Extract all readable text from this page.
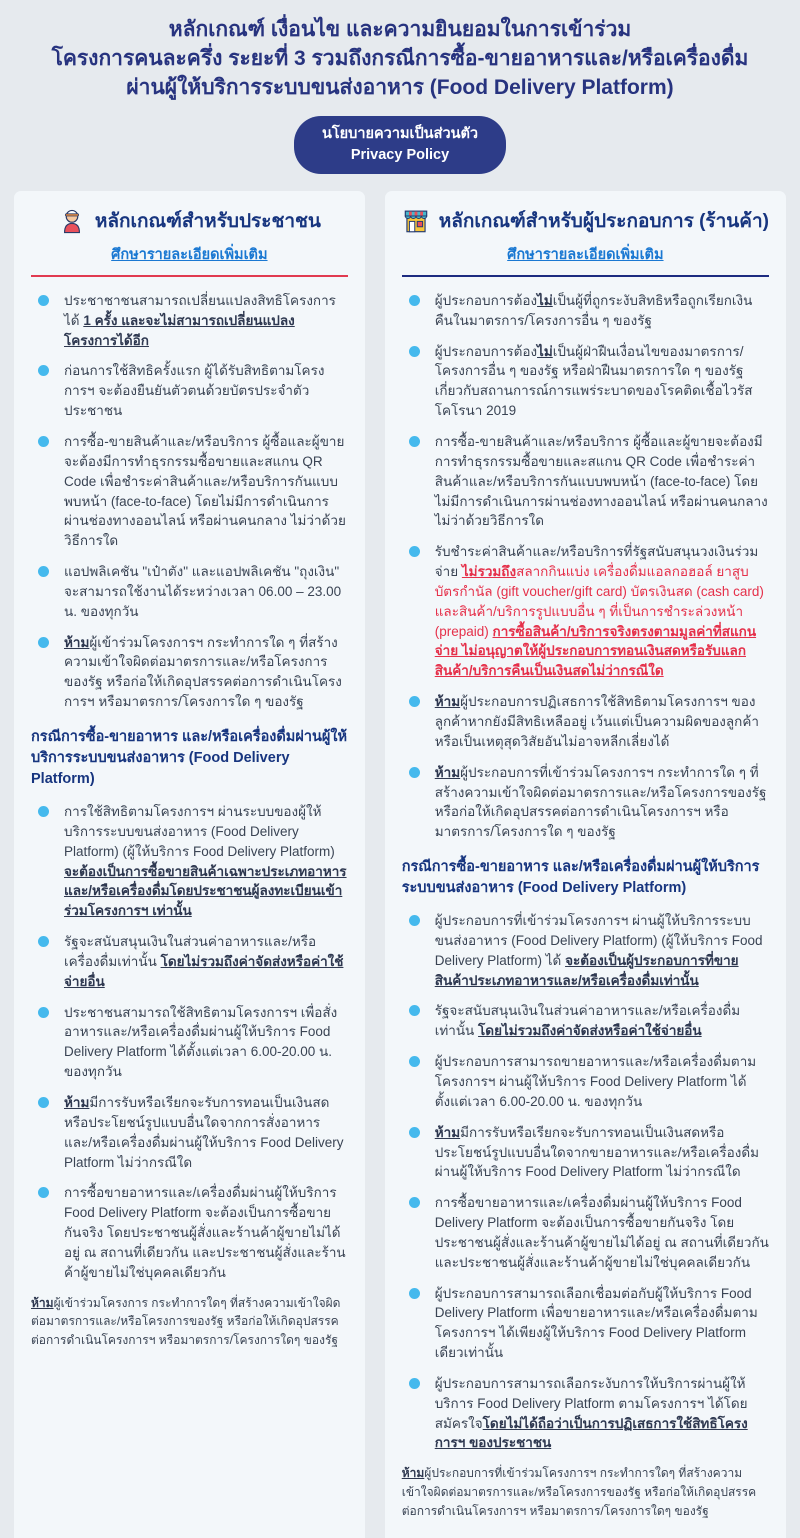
หลักเกณฑ์ เงื่อนไข และความยินยอมในการเข้าร่วม
โครงการคนละครึ่ง ระยะที่ 3 รวมถึงกรณีการซื้อ-ขายอาหารและ/หรือเครื่องดื่ม
ผ่านผู้ให้บริการระบบขนส่งอาหาร (Food Delivery Platform)
นโยบายความเป็นส่วนตัว
Privacy Policy
หลักเกณฑ์สำหรับประชาชน
ศึกษารายละเอียดเพิ่มเติม
ประชาชาชนสามารถเปลี่ยนแปลงสิทธิโครงการได้ 1 ครั้ง และจะไม่สามารถเปลี่ยนแปลงโครงการได้อีก
ก่อนการใช้สิทธิครั้งแรก ผู้ได้รับสิทธิตามโครงการฯ จะต้องยืนยันตัวตนด้วยบัตรประจำตัวประชาชน
การซื้อ-ขายสินค้าและ/หรือบริการ ผู้ซื้อและผู้ขายจะต้องมีการทำธุรกรรมซื้อขายและสแกน QR Code เพื่อชำระค่าสินค้าและ/หรือบริการกันแบบพบหน้า (face-to-face) โดยไม่มีการดำเนินการผ่านช่องทางออนไลน์ หรือผ่านคนกลาง ไม่ว่าด้วยวิธีการใด
แอปพลิเคชัน "เป๋าตัง" และแอปพลิเคชัน "ถุงเงิน" จะสามารถใช้งานได้ระหว่างเวลา 06.00 – 23.00 น. ของทุกวัน
ห้ามผู้เข้าร่วมโครงการฯ กระทำการใด ๆ ที่สร้างความเข้าใจผิดต่อมาตรการและ/หรือโครงการของรัฐ หรือก่อให้เกิดอุปสรรคต่อการดำเนินโครงการฯ หรือมาตรการ/โครงการใด ๆ ของรัฐ
กรณีการซื้อ-ขายอาหาร และ/หรือเครื่องดื่มผ่านผู้ให้บริการระบบขนส่งอาหาร (Food Delivery Platform)
การใช้สิทธิตามโครงการฯ ผ่านระบบของผู้ให้บริการระบบขนส่งอาหาร (Food Delivery Platform) (ผู้ให้บริการ Food Delivery Platform) จะต้องเป็นการซื้อขายสินค้าเฉพาะประเภทอาหารและ/หรือเครื่องดื่มโดยประชาชนผู้ลงทะเบียนเข้าร่วมโครงการฯ เท่านั้น
รัฐจะสนับสนุนเงินในส่วนค่าอาหารและ/หรือเครื่องดื่มเท่านั้น โดยไม่รวมถึงค่าจัดส่งหรือค่าใช้จ่ายอื่น
ประชาชนสามารถใช้สิทธิตามโครงการฯ เพื่อสั่งอาหารและ/หรือเครื่องดื่มผ่านผู้ให้บริการ Food Delivery Platform ได้ตั้งแต่เวลา 6.00-20.00 น. ของทุกวัน
ห้ามมีการรับหรือเรียกจะรับการทอนเป็นเงินสดหรือประโยชน์รูปแบบอื่นใดจากการสั่งอาหารและ/หรือเครื่องดื่มผ่านผู้ให้บริการ Food Delivery Platform ไม่ว่ากรณีใด
การซื้อขายอาหารและ/เครื่องดื่มผ่านผู้ให้บริการ Food Delivery Platform จะต้องเป็นการซื้อขายกันจริง โดยประชาชนผู้สั่งและร้านค้าผู้ขายไม่ได้อยู่ ณ สถานที่เดียวกัน และประชาชนผู้สั่งและร้านค้าผู้ขายไม่ใช่บุคคลเดียวกัน
ห้ามผู้เข้าร่วมโครงการ กระทำการใดๆ ที่สร้างความเข้าใจผิดต่อมาตรการและ/หรือโครงการของรัฐ หรือก่อให้เกิดอุปสรรคต่อการดำเนินโครงการฯ หรือมาตรการ/โครงการใดๆ ของรัฐ
หลักเกณฑ์สำหรับผู้ประกอบการ (ร้านค้า)
ศึกษารายละเอียดเพิ่มเติม
ผู้ประกอบการต้องไม่เป็นผู้ที่ถูกระงับสิทธิหรือถูกเรียกเงินคืนในมาตรการ/โครงการอื่น ๆ ของรัฐ
ผู้ประกอบการต้องไม่เป็นผู้ฝ่าฝืนเงื่อนไขของมาตรการ/โครงการอื่น ๆ ของรัฐ หรือฝ่าฝืนมาตรการใด ๆ ของรัฐเกี่ยวกับสถานการณ์การแพร่ระบาดของโรคติดเชื้อไวรัสโคโรนา 2019
การซื้อ-ขายสินค้าและ/หรือบริการ ผู้ซื้อและผู้ขายจะต้องมีการทำธุรกรรมซื้อขายและสแกน QR Code เพื่อชำระค่าสินค้าและ/หรือบริการกันแบบพบหน้า (face-to-face) โดยไม่มีการดำเนินการผ่านช่องทางออนไลน์ หรือผ่านคนกลาง ไม่ว่าด้วยวิธีการใด
รับชำระค่าสินค้าและ/หรือบริการที่รัฐสนับสนุนวงเงินร่วมจ่าย ไม่รวมถึงสลากกินแบ่ง เครื่องดื่มแอลกอฮอล์ ยาสูบ บัตรกำนัล (gift voucher/gift card) บัตรเงินสด (cash card) และสินค้า/บริการรูปแบบอื่น ๆ ที่เป็นการชำระล่วงหน้า (prepaid) การซื้อสินค้า/บริการจริงตรงตามมูลค่าที่สแกนจ่าย ไม่อนุญาตให้ผู้ประกอบการทอนเงินสดหรือรับแลกสินค้า/บริการคืนเป็นเงินสดไม่ว่ากรณีใด
ห้ามผู้ประกอบการปฏิเสธการใช้สิทธิตามโครงการฯ ของลูกค้าหากยังมีสิทธิเหลืออยู่ เว้นแต่เป็นความผิดของลูกค้าหรือเป็นเหตุสุดวิสัยอันไม่อาจหลีกเลี่ยงได้
ห้ามผู้ประกอบการที่เข้าร่วมโครงการฯ กระทำการใด ๆ ที่สร้างความเข้าใจผิดต่อมาตรการและ/หรือโครงการของรัฐ หรือก่อให้เกิดอุปสรรคต่อการดำเนินโครงการฯ หรือมาตรการ/โครงการใด ๆ ของรัฐ
กรณีการซื้อ-ขายอาหาร และ/หรือเครื่องดื่มผ่านผู้ให้บริการระบบขนส่งอาหาร (Food Delivery Platform)
ผู้ประกอบการที่เข้าร่วมโครงการฯ ผ่านผู้ให้บริการระบบขนส่งอาหาร (Food Delivery Platform) (ผู้ให้บริการ Food Delivery Platform) ได้ จะต้องเป็นผู้ประกอบการที่ขายสินค้าประเภทอาหารและ/หรือเครื่องดื่มเท่านั้น
รัฐจะสนับสนุนเงินในส่วนค่าอาหารและ/หรือเครื่องดื่มเท่านั้น โดยไม่รวมถึงค่าจัดส่งหรือค่าใช้จ่ายอื่น
ผู้ประกอบการสามารถขายอาหารและ/หรือเครื่องดื่มตามโครงการฯ ผ่านผู้ให้บริการ Food Delivery Platform ได้ตั้งแต่เวลา 6.00-20.00 น. ของทุกวัน
ห้ามมีการรับหรือเรียกจะรับการทอนเป็นเงินสดหรือประโยชน์รูปแบบอื่นใดจากขายอาหารและ/หรือเครื่องดื่มผ่านผู้ให้บริการ Food Delivery Platform ไม่ว่ากรณีใด
การซื้อขายอาหารและ/เครื่องดื่มผ่านผู้ให้บริการ Food Delivery Platform จะต้องเป็นการซื้อขายกันจริง โดยประชาชนผู้สั่งและร้านค้าผู้ขายไม่ได้อยู่ ณ สถานที่เดียวกัน และประชาชนผู้สั่งและร้านค้าผู้ขายไม่ใช่บุคคลเดียวกัน
ผู้ประกอบการสามารถเลือกเชื่อมต่อกับผู้ให้บริการ Food Delivery Platform เพื่อขายอาหารและ/หรือเครื่องดื่มตามโครงการฯ ได้เพียงผู้ให้บริการ Food Delivery Platform เดียวเท่านั้น
ผู้ประกอบการสามารถเลือกระงับการให้บริการผ่านผู้ให้บริการ Food Delivery Platform ตามโครงการฯ ได้โดยสมัครใจโดยไม่ได้ถือว่าเป็นการปฏิเสธการใช้สิทธิโครงการฯ ของประชาชน
ห้ามผู้ประกอบการที่เข้าร่วมโครงการฯ กระทำการใดๆ ที่สร้างความเข้าใจผิดต่อมาตรการและ/หรือโครงการของรัฐ หรือก่อให้เกิดอุปสรรคต่อการดำเนินโครงการฯ หรือมาตรการ/โครงการใดๆ ของรัฐ
